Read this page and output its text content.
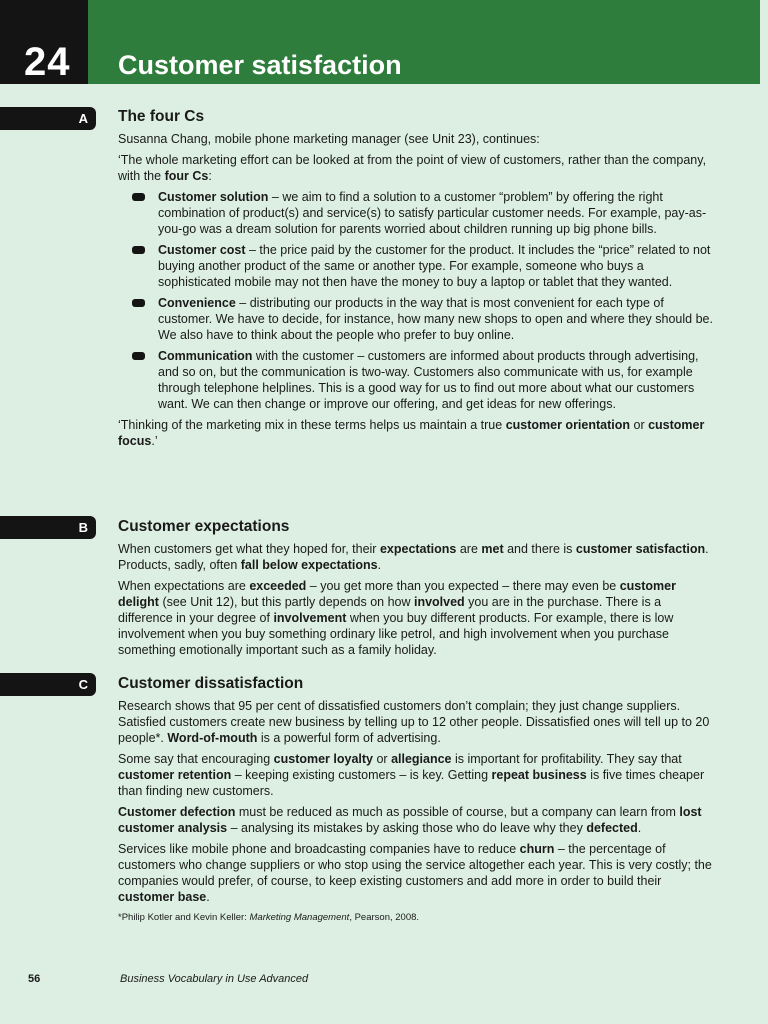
24 Customer satisfaction
A	The four Cs

Susanna Chang, mobile phone marketing manager (see Unit 23), continues:

‘The whole marketing effort can be looked at from the point of view of customers, rather than the company, with the four Cs:

Customer solution – we aim to find a solution to a customer “problem” by offering the right combination of product(s) and service(s) to satisfy particular customer needs. For example, pay-as-you-go was a dream solution for parents worried about children running up big phone bills.
Customer cost – the price paid by the customer for the product. It includes the “price” related to not buying another product of the same or another type. For example, someone who buys a sophisticated mobile may not then have the money to buy a laptop or tablet that they wanted.
Convenience – distributing our products in the way that is most convenient for each type of customer. We have to decide, for instance, how many new shops to open and where they should be. We also have to think about the people who prefer to buy online.
Communication with the customer – customers are informed about products through advertising, and so on, but the communication is two-way. Customers also communicate with us, for example through telephone helplines. This is a good way for us to find out more about what our customers want. We can then change or improve our offering, and get ideas for new offerings.

‘Thinking of the marketing mix in these terms helps us maintain a true customer orientation or customer focus.’

B	Customer expectations

When customers get what they hoped for, their expectations are met and there is customer satisfaction. Products, sadly, often fall below expectations.

When expectations are exceeded – you get more than you expected – there may even be customer delight (see Unit 12), but this partly depends on how involved you are in the purchase. There is a difference in your degree of involvement when you buy different products. For example, there is low involvement when you buy something ordinary like petrol, and high involvement when you purchase something emotionally important such as a family holiday.

C	Customer dissatisfaction

Research shows that 95 per cent of dissatisfied customers don’t complain; they just change suppliers. Satisfied customers create new business by telling up to 12 other people. Dissatisfied ones will tell up to 20 people*. Word-of-mouth is a powerful form of advertising.

Some say that encouraging customer loyalty or allegiance is important for profitability. They say that customer retention – keeping existing customers – is key. Getting repeat business is five times cheaper than finding new customers.

Customer defection must be reduced as much as possible of course, but a company can learn from lost customer analysis – analysing its mistakes by asking those who do leave why they defected.

Services like mobile phone and broadcasting companies have to reduce churn – the percentage of customers who change suppliers or who stop using the service altogether each year. This is very costly; the companies would prefer, of course, to keep existing customers and add more in order to build their customer base.

*Philip Kotler and Kevin Keller: Marketing Management, Pearson, 2008.

56	Business Vocabulary in Use Advanced
